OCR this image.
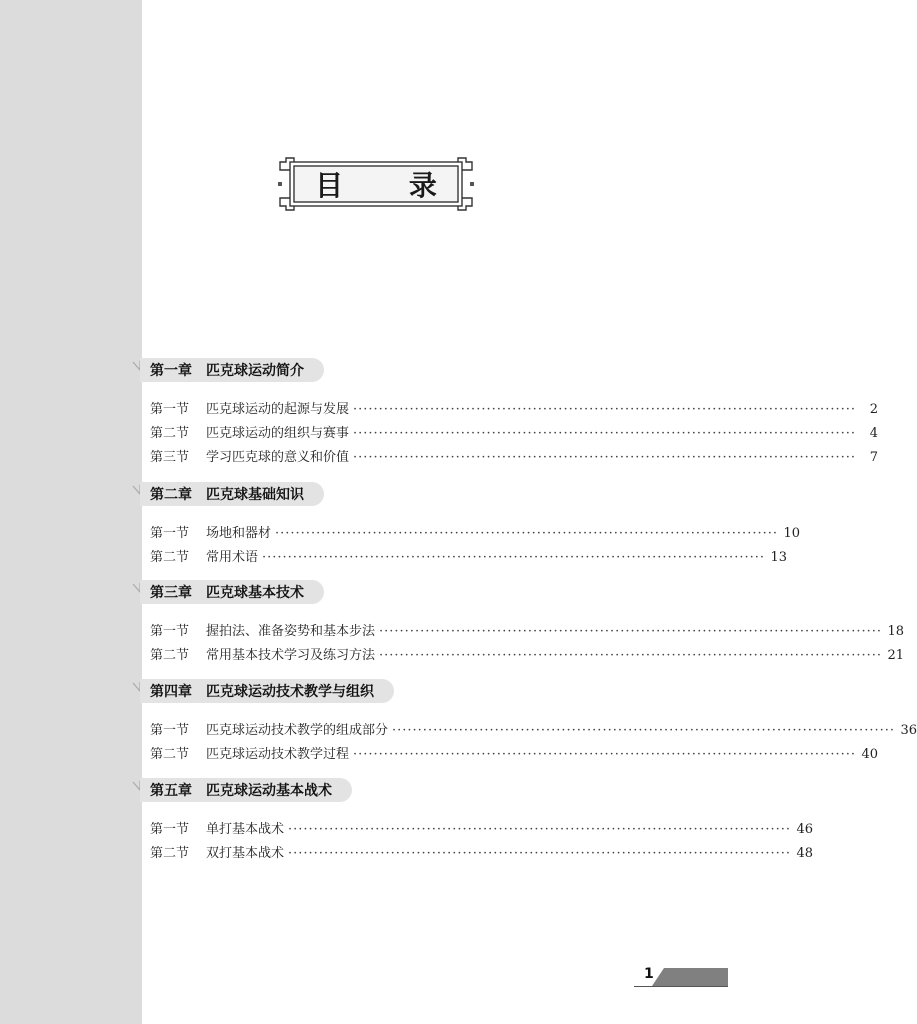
目 录
第一章	匹克球运动简介
第一节	匹克球运动的起源与发展 ··································································································	2
第二节	匹克球运动的组织与赛事 ··································································································	4
第三节	学习匹克球的意义和价值 ··································································································	7
第二章	匹克球基础知识
第一节	场地和器材 ·································································································· 10
第二节	常用术语 ·································································································· 13
第三章	匹克球基本技术
第一节	握拍法、准备姿势和基本步法 ·································································································· 18
第二节	常用基本技术学习及练习方法 ·································································································· 21
第四章	匹克球运动技术教学与组织
第一节	匹克球运动技术教学的组成部分 ·································································································· 36
第二节	匹克球运动技术教学过程 ·································································································· 40
第五章	匹克球运动基本战术
第一节	单打基本战术 ·································································································· 46
第二节	双打基本战术 ·································································································· 48
1
